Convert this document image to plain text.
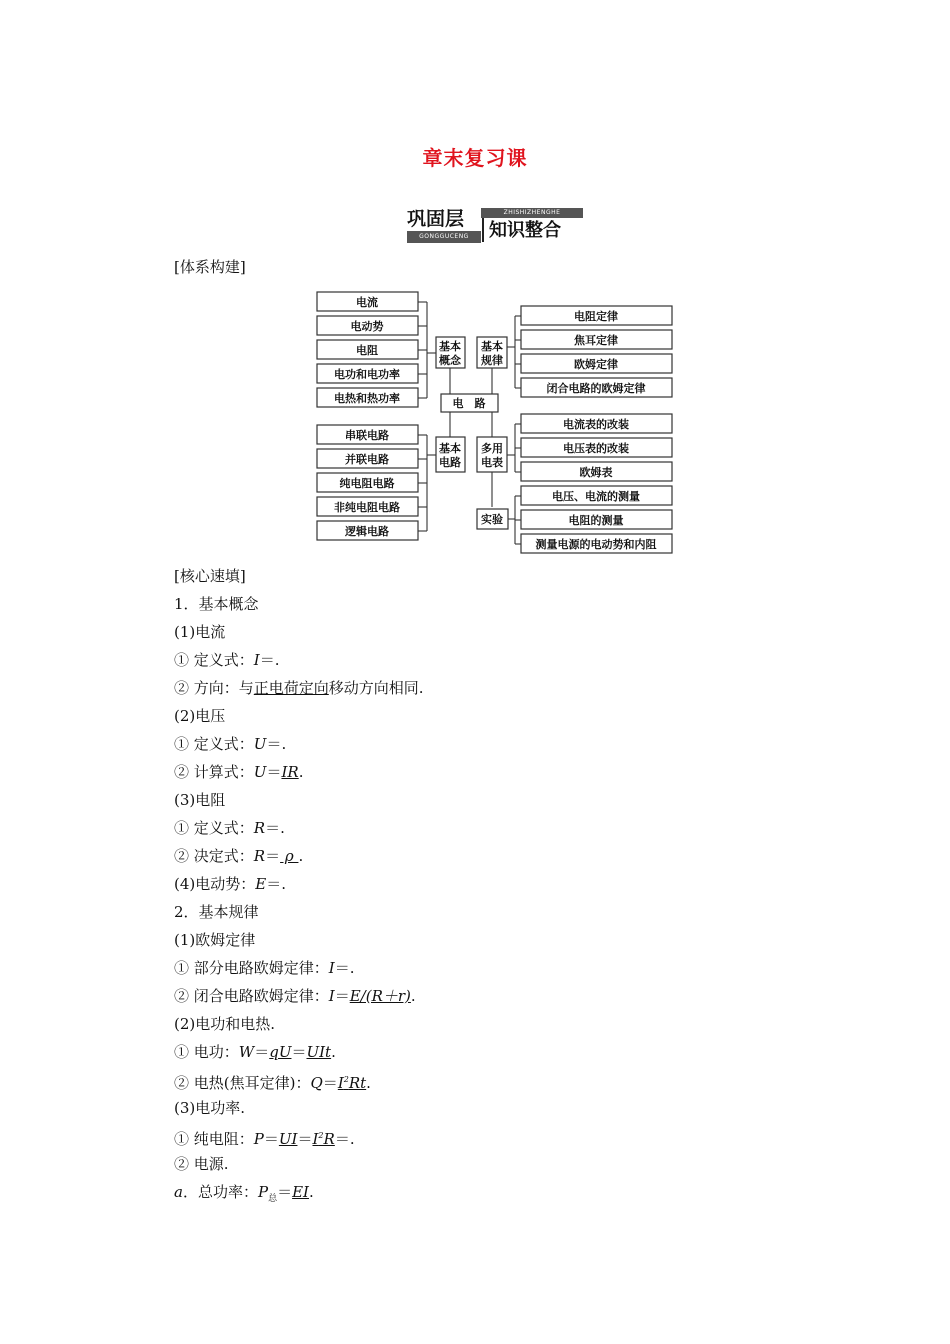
章末复习课
巩固层
GONGGUCENG
ZHISHIZHENGHE
知识整合
[体系构建]
电流
电动势
电阻
电功和电功率
电热和热功率
串联电路
并联电路
纯电阻电路
非纯电阻电路
逻辑电路
基本
概念
基本
电路
基本
规律
多用
电表
实验
电　路
电阻定律
焦耳定律
欧姆定律
闭合电路的欧姆定律
电流表的改装
电压表的改装
欧姆表
电压、电流的测量
电阻的测量
测量电源的电动势和内阻
[核心速填]
1．基本概念
(1)电流
① 定义式：I＝.
② 方向：与正电荷定向移动方向相同.
(2)电压
① 定义式：U＝.
② 计算式：U＝IR.
(3)电阻
① 定义式：R＝.
② 决定式：R＝ ρ .
(4)电动势：E＝.
2．基本规律
(1)欧姆定律
① 部分电路欧姆定律：I＝.
② 闭合电路欧姆定律：I＝E/(R＋r).
(2)电功和电热.
① 电功：W＝qU＝UIt.
② 电热(焦耳定律)：$Q=I^2Rt$.
(3)电功率.
① 纯电阻：$P=UI=I^2R=$.
② 电源.
a．总功率：$P_总=EI$.
